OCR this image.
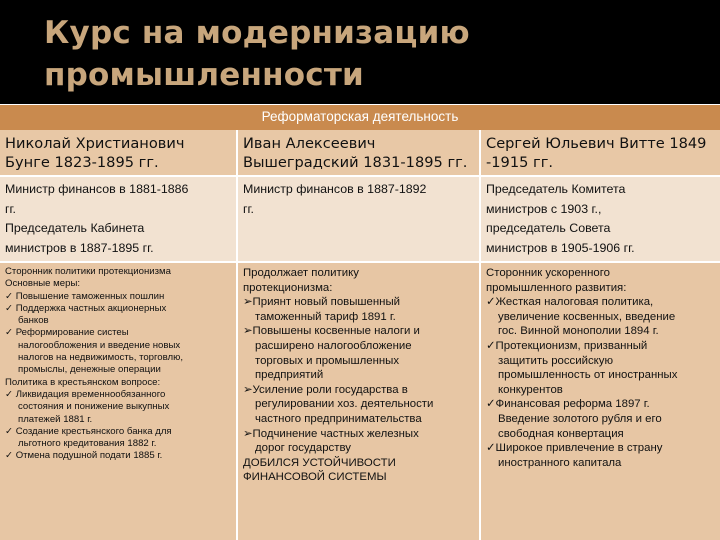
Курс на модернизацию
промышленности
Реформаторская деятельность
Николай Христианович
Бунге 1823-1895 гг.
Иван Алексеевич
Вышеградский 1831-1895 гг.
Сергей Юльевич Витте 1849
-1915 гг.
Министр финансов в 1881-1886
гг.
Председатель Кабинета
министров в 1887-1895 гг.
Министр финансов в 1887-1892
гг.
Председатель Комитета
министров с 1903 г.,
председатель Совета
министров в 1905-1906 гг.
Сторонник политики протекционизма
Основные меры:
✓ Повышение таможенных пошлин
✓ Поддержка частных акционерных
банков
✓ Реформирование систеы
налогообложения и введение новых
налогов на недвижимость, торговлю,
промыслы, денежные операции
Политика в крестьянском вопросе:
✓ Ликвидация временнообязанного
состояния и понижение выкупных
платежей 1881 г.
✓ Создание крестьянского банка для
льготного кредитования 1882 г.
✓ Отмена подушной подати 1885 г.
Продолжает политику
протекционизма:
➢Приянт новый повышенный
таможенный тариф 1891 г.
➢Повышены косвенные налоги и
расширено налогообложение
торговых и промышленных
предприятий
➢Усиление роли государства в
регулировании хоз. деятельности
частного предпринимательства
➢Подчинение частных железных
дорог государству
ДОБИЛСЯ УСТОЙЧИВОСТИ
ФИНАНСОВОЙ СИСТЕМЫ
Сторонник ускоренного
промышленного развития:
✓Жесткая налоговая политика,
увеличение косвенных, введение
гос. Винной монополии 1894 г.
✓Протекционизм, призванный
защитить российскую
промышленность от иностранных
конкурентов
✓Финансовая реформа 1897 г.
Введение золотого рубля и его
свободная конвертация
✓Широкое привлечение в страну
иностранного капитала
